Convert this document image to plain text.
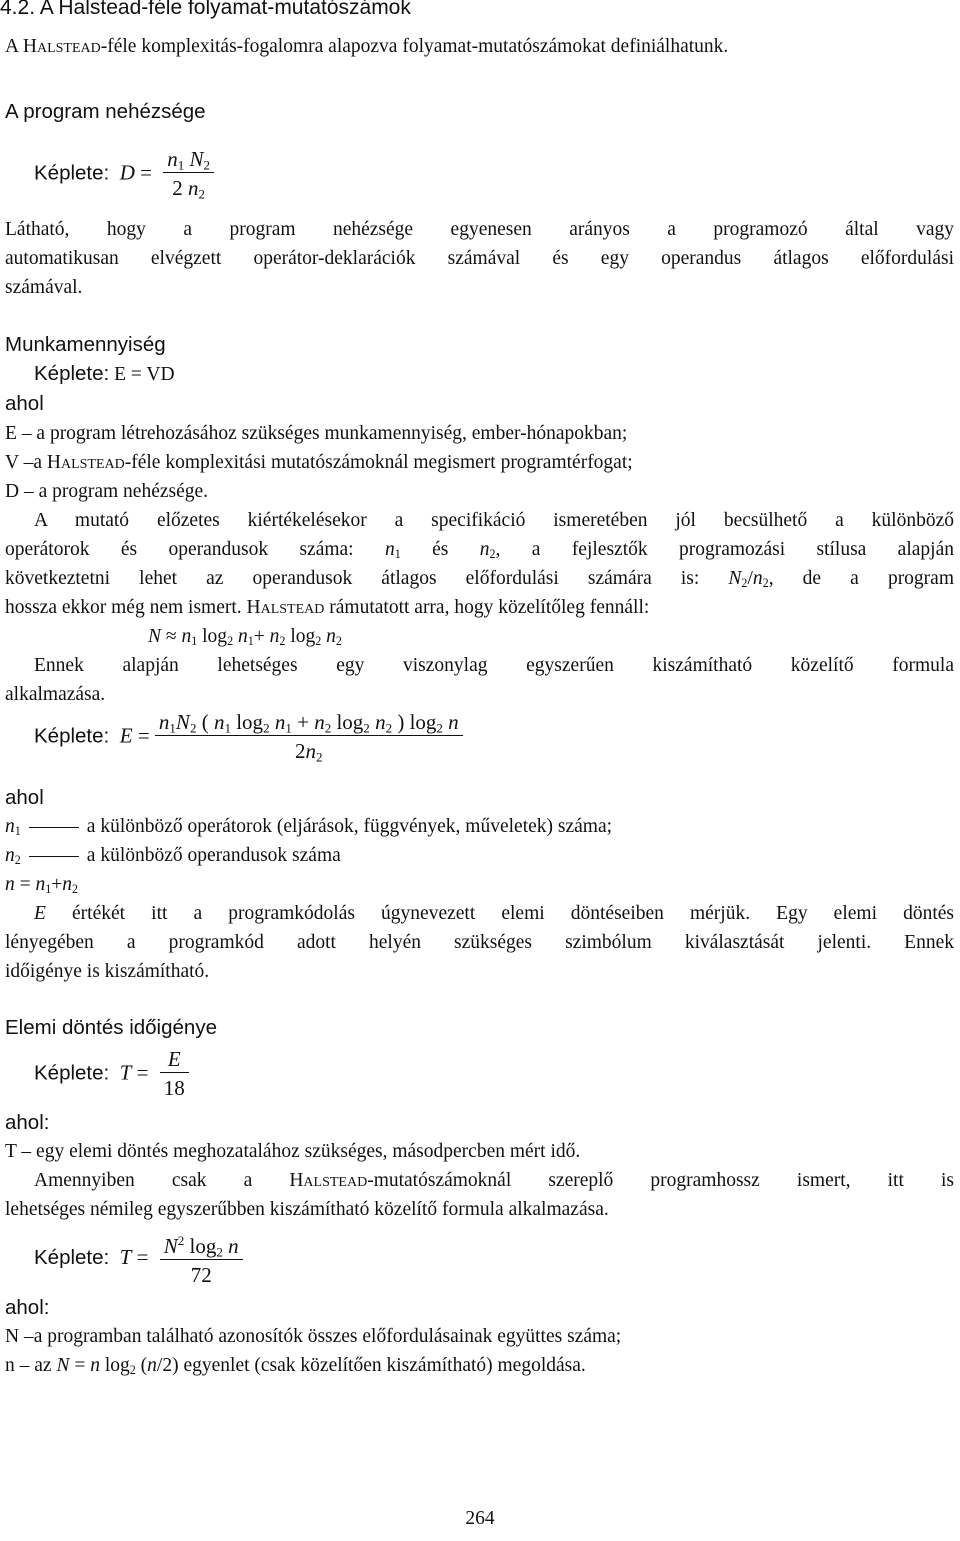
4.2. A Halstead-féle folyamat-mutatószámok
A Halstead-féle komplexitás-fogalomra alapozva folyamat-mutatószámokat definiálhatunk.
A program nehézsége
Képlete:  $D = \frac{n_1 N_2}{2 n_2}$
Látható, hogy a program nehézsége egyenesen arányos a programozó által vagy
automatikusan elvégzett operátor-deklarációk számával és egy operandus átlagos előfordulási
számával.
Munkamennyiség
Képlete: E = VD
ahol
E – a program létrehozásához szükséges munkamennyiség, ember-hónapokban;
V –a Halstead-féle komplexitási mutatószámoknál megismert programtérfogat;
D – a program nehézsége.
A mutató előzetes kiértékelésekor a specifikáció ismeretében jól becsülhető a különböző
operátorok és operandusok száma: $n_1$ és $n_2$, a fejlesztők programozási stílusa alapján
következtetni lehet az operandusok átlagos előfordulási számára is: $N_2/n_2$, de a program
hossza ekkor még nem ismert. Halstead rámutatott arra, hogy közelítőleg fennáll:
$N \approx n_1$ $\log_2 n_1+ n_2$ $\log_2 n_2$
Ennek alapján lehetséges egy viszonylag egyszerűen kiszámítható közelítő formula
alkalmazása.
Képlete:  $E = \frac{n_1N_2 ( n_1 \log_2 n_1 + n_2 \log_2 n_2 ) \log_2 n}{2n_2}$
ahol
$n_1$	a különböző operátorok (eljárások, függvények, műveletek) száma;
$n_2$	a különböző operandusok száma
$n = n_1+n_2$
E értékét itt a programkódolás úgynevezett elemi döntéseiben mérjük. Egy elemi döntés
lényegében a programkód adott helyén szükséges szimbólum kiválasztását jelenti. Ennek
időigénye is kiszámítható.
Elemi döntés időigénye
Képlete:  $T = \frac{E}{18}$
ahol:
T – egy elemi döntés meghozatalához szükséges, másodpercben mért idő.
Amennyiben csak a Halstead-mutatószámoknál szereplő programhossz ismert, itt is
lehetséges némileg egyszerűbben kiszámítható közelítő formula alkalmazása.
Képlete:  $T = \frac{N^2 \log_2 n}{72}$
ahol:
N –a programban található azonosítók összes előfordulásainak együttes száma;
n – az N = n $\log_2 (n/2)$ egyenlet (csak közelítően kiszámítható) megoldása.
264
